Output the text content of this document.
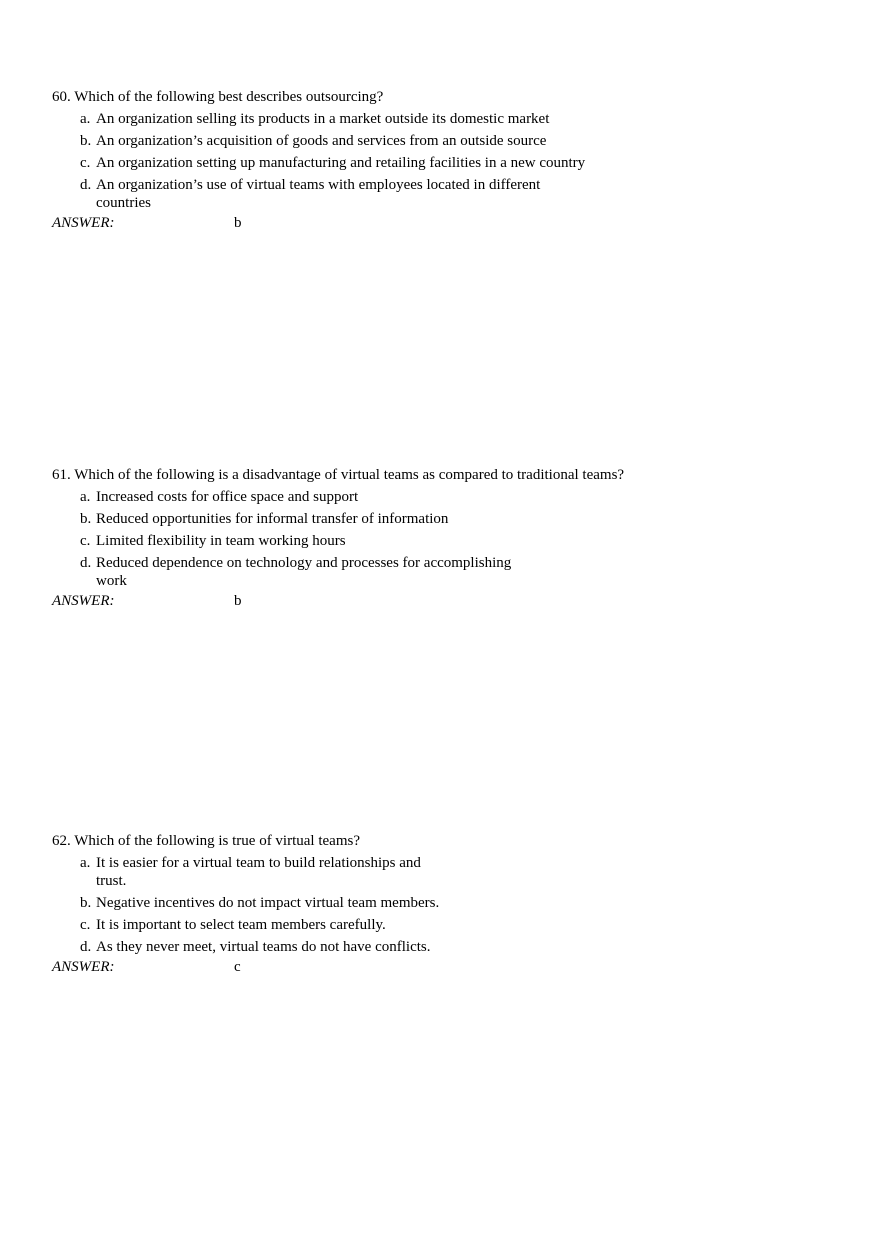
60. Which of the following best describes outsourcing?

a. An organization selling its products in a market outside its domestic market
b. An organization’s acquisition of goods and services from an outside source
An organization setting up manufacturing and retailing facilities in a new country
c.
d. An organization’s use of virtual teams with employees located in different countries
ANSWER:	b

61. Which of the following is a disadvantage of virtual teams as compared to traditional teams?

a. Increased costs for office space and support
b. Reduced opportunities for informal transfer of information
c. Limited flexibility in team working hours
d. Reduced dependence on technology and processes for accomplishing work
ANSWER:	b

62. Which of the following is true of virtual teams?

a. It is easier for a virtual team to build relationships and trust.
b. Negative incentives do not impact virtual team members.
c. It is important to select team members carefully.
d. As they never meet, virtual teams do not have conflicts.
ANSWER:	c
